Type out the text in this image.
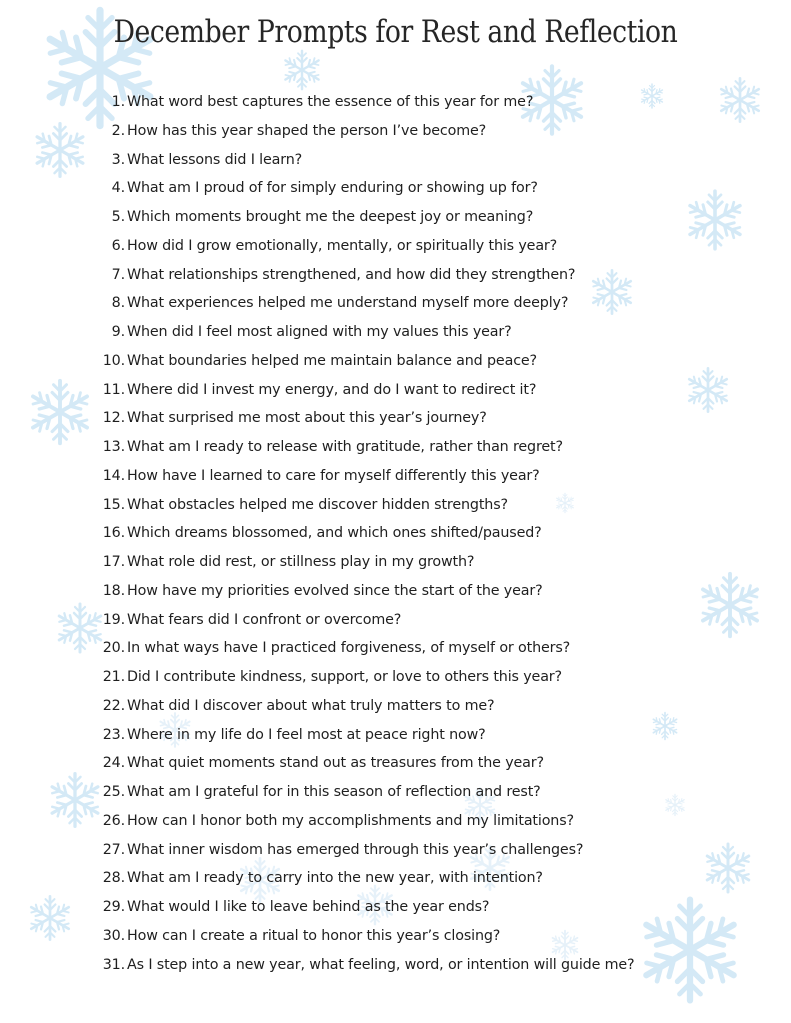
December Prompts for Rest and Reflection
1. What word best captures the essence of this year for me?
2. How has this year shaped the person I’ve become?
3. What lessons did I learn?
4. What am I proud of for simply enduring or showing up for?
5. Which moments brought me the deepest joy or meaning?
6. How did I grow emotionally, mentally, or spiritually this year?
7. What relationships strengthened, and how did they strengthen?
8. What experiences helped me understand myself more deeply?
9. When did I feel most aligned with my values this year?
10. What boundaries helped me maintain balance and peace?
11. Where did I invest my energy, and do I want to redirect it?
12. What surprised me most about this year’s journey?
13. What am I ready to release with gratitude, rather than regret?
14. How have I learned to care for myself differently this year?
15. What obstacles helped me discover hidden strengths?
16. Which dreams blossomed, and which ones shifted/paused?
17. What role did rest, or stillness play in my growth?
18. How have my priorities evolved since the start of the year?
19. What fears did I confront or overcome?
20. In what ways have I practiced forgiveness, of myself or others?
21. Did I contribute kindness, support, or love to others this year?
22. What did I discover about what truly matters to me?
23. Where in my life do I feel most at peace right now?
24. What quiet moments stand out as treasures from the year?
25. What am I grateful for in this season of reflection and rest?
26. How can I honor both my accomplishments and my limitations?
27. What inner wisdom has emerged through this year’s challenges?
28. What am I ready to carry into the new year, with intention?
29. What would I like to leave behind as the year ends?
30. How can I create a ritual to honor this year’s closing?
31. As I step into a new year, what feeling, word, or intention will guide me?
